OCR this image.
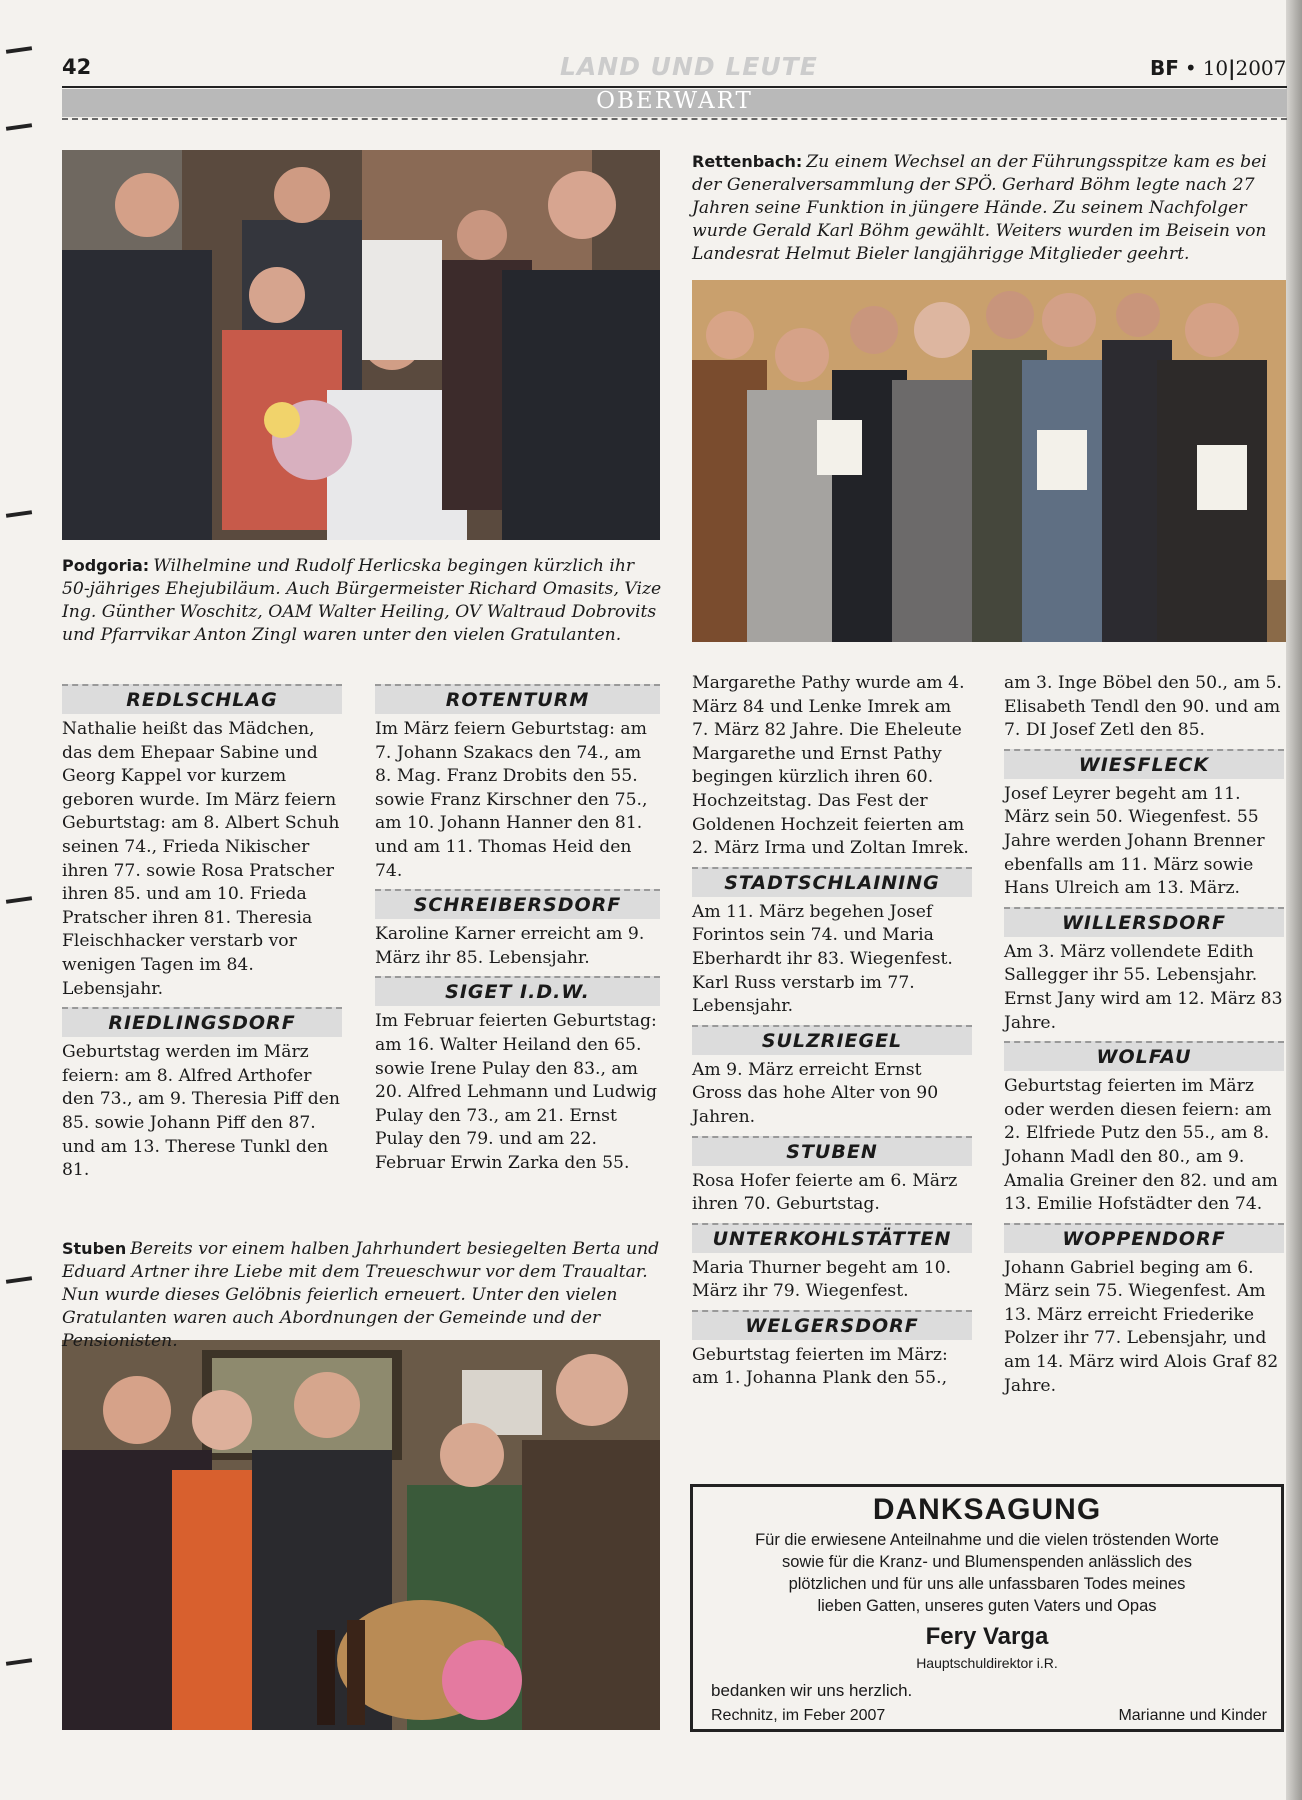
42	LAND UND LEUTE	BF • 10|2007
OBERWART
Podgoria: Wilhelmine und Rudolf Herlicska begingen kürzlich ihr 50-jähriges Ehejubiläum. Auch Bürgermeister Richard Omasits, Vize Ing. Günther Woschitz, OAM Walter Heiling, OV Waltraud Dobrovits und Pfarrvikar Anton Zingl waren unter den vielen Gratulanten.
Rettenbach: Zu einem Wechsel an der Führungsspitze kam es bei der Generalversammlung der SPÖ. Gerhard Böhm legte nach 27 Jahren seine Funktion in jüngere Hände. Zu seinem Nachfolger wurde Gerald Karl Böhm gewählt. Weiters wurden im Beisein von Landesrat Helmut Bieler langjährigge Mitglieder geehrt.
Stuben Bereits vor einem halben Jahrhundert besiegelten Berta und Eduard Artner ihre Liebe mit dem Treueschwur vor dem Traualtar. Nun wurde dieses Gelöbnis feierlich erneuert. Unter den vielen Gratulanten waren auch Abordnungen der Gemeinde und der Pensionisten.
REDLSCHLAG
Nathalie heißt das Mädchen, das dem Ehepaar Sabine und Georg Kappel vor kurzem geboren wurde. Im März feiern Geburtstag: am 8. Albert Schuh seinen 74., Frieda Nikischer ihren 77. sowie Rosa Pratscher ihren 85. und am 10. Frieda Pratscher ihren 81. Theresia Fleischhacker verstarb vor wenigen Tagen im 84. Lebensjahr.
RIEDLINGSDORF
Geburtstag werden im März feiern: am 8. Alfred Arthofer den 73., am 9. Theresia Piff den 85. sowie Johann Piff den 87. und am 13. Therese Tunkl den 81.
ROTENTURM
Im März feiern Geburtstag: am 7. Johann Szakacs den 74., am 8. Mag. Franz Drobits den 55. sowie Franz Kirschner den 75., am 10. Johann Hanner den 81. und am 11. Thomas Heid den 74.
SCHREIBERSDORF
Karoline Karner erreicht am 9. März ihr 85. Lebensjahr.
SIGET I.D.W.
Im Februar feierten Geburtstag: am 16. Walter Heiland den 65. sowie Irene Pulay den 83., am 20. Alfred Lehmann und Ludwig Pulay den 73., am 21. Ernst Pulay den 79. und am 22. Februar Erwin Zarka den 55.
Margarethe Pathy wurde am 4. März 84 und Lenke Imrek am 7. März 82 Jahre. Die Eheleute Margarethe und Ernst Pathy begingen kürzlich ihren 60. Hochzeitstag. Das Fest der Goldenen Hochzeit feierten am 2. März Irma und Zoltan Imrek.
STADTSCHLAINING
Am 11. März begehen Josef Forintos sein 74. und Maria Eberhardt ihr 83. Wiegenfest. Karl Russ verstarb im 77. Lebensjahr.
SULZRIEGEL
Am 9. März erreicht Ernst Gross das hohe Alter von 90 Jahren.
STUBEN
Rosa Hofer feierte am 6. März ihren 70. Geburtstag.
UNTERKOHLSTÄTTEN
Maria Thurner begeht am 10. März ihr 79. Wiegenfest.
WELGERSDORF
Geburtstag feierten im März: am 1. Johanna Plank den 55.,
am 3. Inge Böbel den 50., am 5. Elisabeth Tendl den 90. und am 7. DI Josef Zetl den 85.
WIESFLECK
Josef Leyrer begeht am 11. März sein 50. Wiegenfest. 55 Jahre werden Johann Brenner ebenfalls am 11. März sowie Hans Ulreich am 13. März.
WILLERSDORF
Am 3. März vollendete Edith Sallegger ihr 55. Lebensjahr. Ernst Jany wird am 12. März 83 Jahre.
WOLFAU
Geburtstag feierten im März oder werden diesen feiern: am 2. Elfriede Putz den 55., am 8. Johann Madl den 80., am 9. Amalia Greiner den 82. und am 13. Emilie Hofstädter den 74.
WOPPENDORF
Johann Gabriel beging am 6. März sein 75. Wiegenfest. Am 13. März erreicht Friederike Polzer ihr 77. Lebensjahr, und am 14. März wird Alois Graf 82 Jahre.
DANKSAGUNG
Für die erwiesene Anteilnahme und die vielen tröstenden Worte
sowie für die Kranz- und Blumenspenden anlässlich des
plötzlichen und für uns alle unfassbaren Todes meines
lieben Gatten, unseres guten Vaters und Opas
Fery Varga
Hauptschuldirektor i.R.
bedanken wir uns herzlich.
Rechnitz, im Feber 2007	Marianne und Kinder
